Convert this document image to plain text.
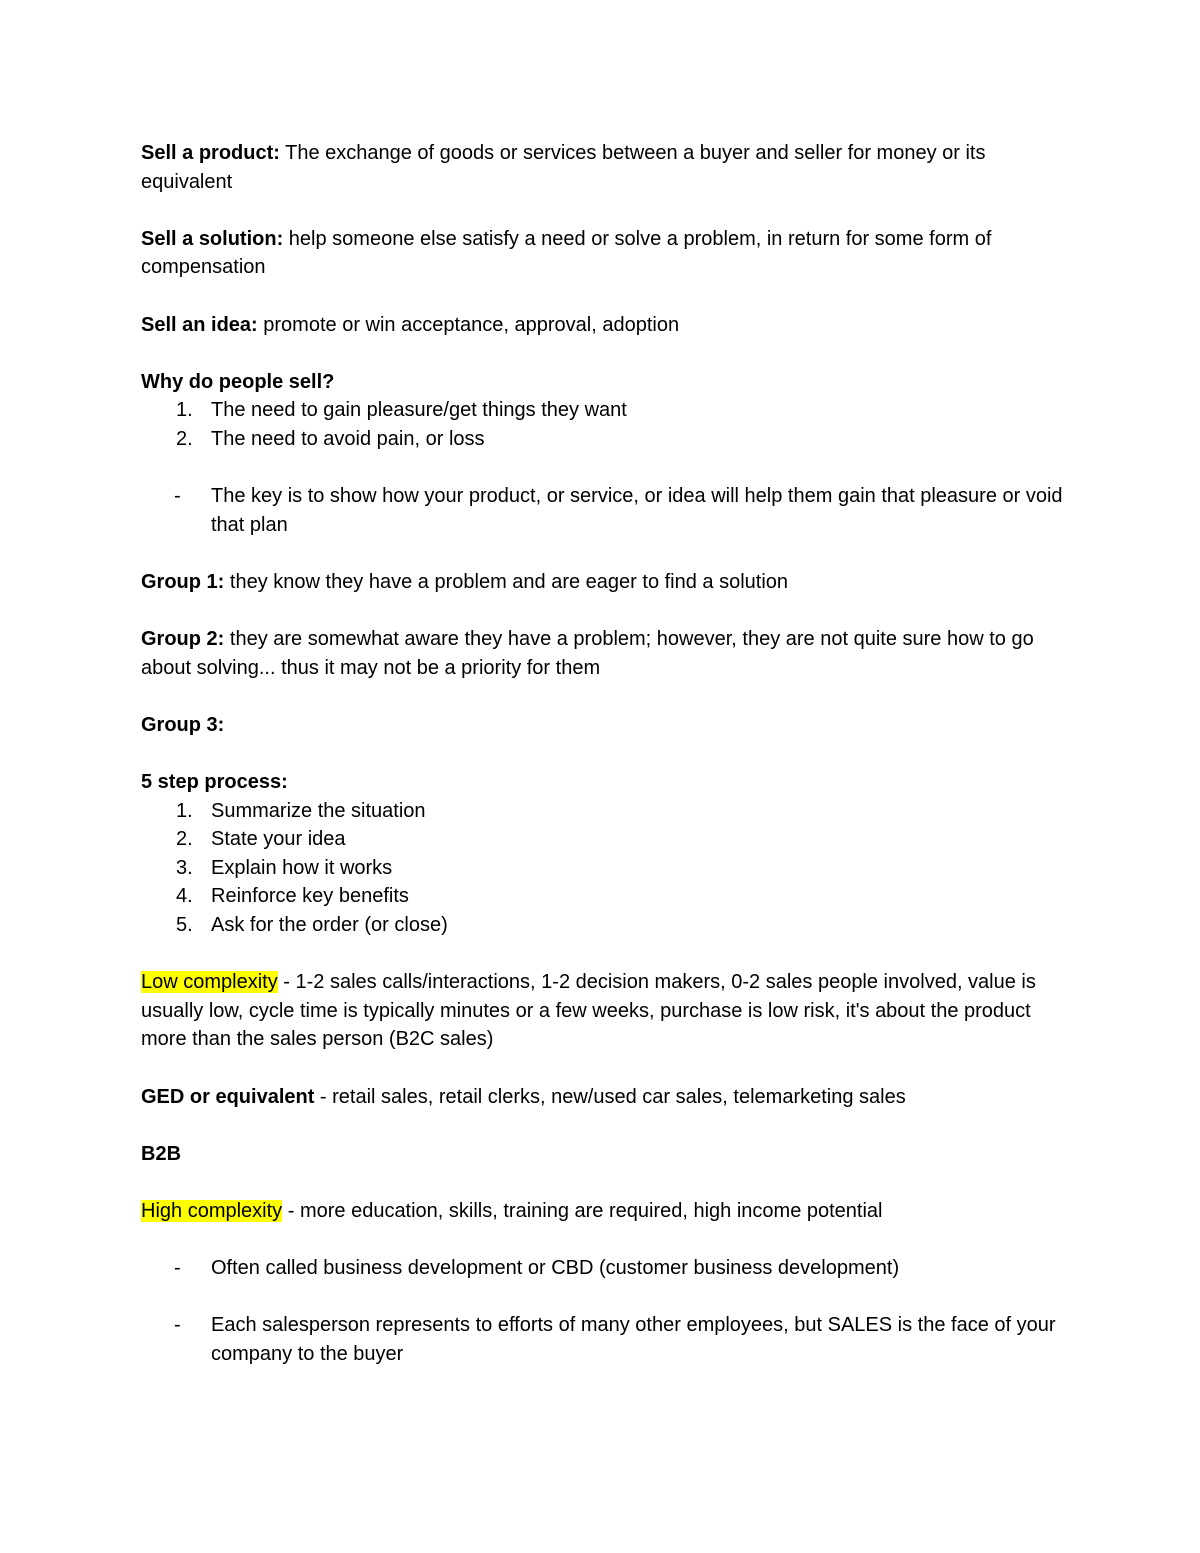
Sell a product: The exchange of goods or services between a buyer and seller for money or its equivalent

Sell a solution: help someone else satisfy a need or solve a problem, in return for some form of compensation

Sell an idea: promote or win acceptance, approval, adoption

Why do people sell?

1. The need to gain pleasure/get things they want
2. The need to avoid pain, or loss
-	The key is to show how your product, or service, or idea will help them gain that pleasure or void that plan

Group 1: they know they have a problem and are eager to find a solution

Group 2: they are somewhat aware they have a problem; however, they are not quite sure how to go about solving... thus it may not be a priority for them

Group 3:

5 step process:

1. Summarize the situation
2. State your idea
3. Explain how it works
4. Reinforce key benefits
5. Ask for the order (or close)

Low complexity - 1-2 sales calls/interactions, 1-2 decision makers, 0-2 sales people involved, value is usually low, cycle time is typically minutes or a few weeks, purchase is low risk, it's about the product more than the sales person (B2C sales)

GED or equivalent - retail sales, retail clerks, new/used car sales, telemarketing sales

B2B

High complexity - more education, skills, training are required, high income potential

-	Often called business development or CBD (customer business development)
-	Each salesperson represents to efforts of many other employees, but SALES is the face of your company to the buyer
